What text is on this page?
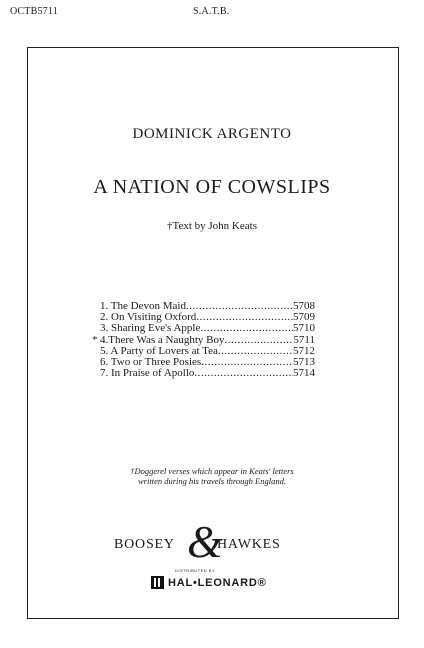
OCTB5711	S.A.T.B.
DOMINICK ARGENTO
A NATION OF COWSLIPS
†Text by John Keats
1. The Devon Maid .....	5708
2. On Visiting Oxford .....	5709
3. Sharing Eve's Apple .....	5710
* 4.There Was a Naughty Boy .....	5711
5. A Party of Lovers at Tea .....	5712
6. Two or Three Posies .....	5713
7. In Praise of Apollo .....	5714
†Doggerel verses which appear in Keats' letters
written during his travels through England.
BOOSEY &
HAWKES
DISTRIBUTED BY
HAL•LEONARD®
